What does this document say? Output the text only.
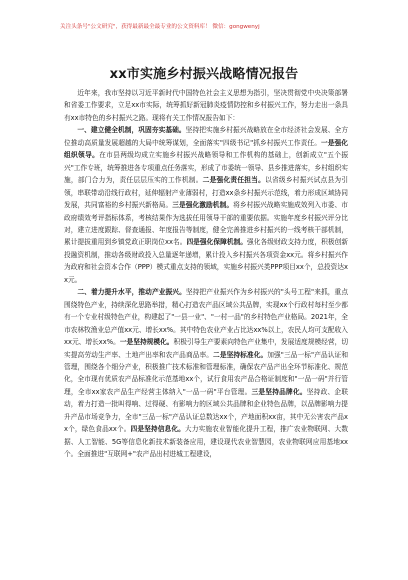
关注头条号"公文研究"，获得最新最全最专业的公文资料库！ 微信：gongwenyj
xx市实施乡村振兴战略情况报告

近年来，我市坚持以习近平新时代中国特色社会主义思想为指引，坚决贯彻党中央决策部署和省委工作要求，立足xx市实际，统筹抓好新冠肺炎疫情防控和乡村振兴工作，努力走出一条具有xx市特色的乡村振兴之路。现将有关工作情况报告如下：

一、建立健全机制，巩固夯实基础。坚持把实施乡村振兴战略放在全市经济社会发展、全方位推动高质量发展超越的大局中统筹谋划，全面落实"四级书记"抓乡村振兴工作责任。一是强化组织领导。在市县两级均成立实施乡村振兴战略领导和工作机构的基础上，创新成立"五个振兴"工作专班，统筹推进各专项重点任务落实，形成了市委统一领导、县乡推进落实，乡村组织实施，部门合力为，责任层层压实的工作机制。二是强化责任担当。以省级乡村振兴试点县为引领，串联带动沿线行政村，延伸辐射产业薄弱村，打造xx条乡村振兴示范线，着力形成区域协同发展，共同富裕的乡村振兴新格局。三是强化激励机制。将乡村振兴战略实施成效列入市委、市政府绩效考评指标体系，考核结果作为选拔任用领导干部的重要依据。实施年度乡村振兴评分比对，建立进度跟踪、督查通报、年度报告等制度，健全完善推进乡村振兴的一线考核干部机制，累计提拔重用到乡镇党政正职岗位xx名。四是强化保障机制。强化各级财政支持力度，积极创新投融资机制，推动各级财政投入总量逐年递增，累计投入乡村振兴各项资金xx元。将乡村振兴作为政府和社会资本合作（PPP）模式重点支持的领域，实施乡村振兴类PPP项目xx个，总投资达xx元。

二、着力提升水平，推动产业振兴。坚持把产业振兴作为乡村振兴的"头号工程"来抓，重点围绕特色产业，持续深化思路举措，精心打造农产品区域公共品牌，实现xx个行政村每村至少都有一个专业村级特色产业，构建起了"一县一业"、"一村一品"的乡村特色产业格局。2021年，全市农林牧渔业总产值xx元、增长xx%。其中特色农业产业占比达xx%以上，农民人均可支配收入xx元、增长xx%。一是坚持规模化。积极引导生产要素向特色产业集中，发展适度规模经营，切实提高劳动生产率、土地产出率和农产品商品率。二是坚持标准化。加强"三品一标"产品认证和管理，围绕各个细分产业，积极推广技术标准和管理标准，确保农产品产出全环节标准化、规范化，全市现有优质农产品标准化示范基地xx个，试行食用农产品合格证制度和"一品一码"并行管理，全市xx家农产品生产经营主体纳入"一品一码"平台管理。三是坚持品牌化。坚持政、企联动，着力打造一批叫得响、过得硬、有影响力的区域公共品牌和企业特色品牌，以品牌影响力提升产品市场竞争力，全市"三品一标"产品认证总数达xx个，产地面积xx亩，其中无公害农产品xx个，绿色食品xx个。四是坚持信息化。大力实施农业智能化提升工程，推广农业物联网、大数据、人工智能、5G等信息化新技术新装备应用，建设现代农业智慧园，农业物联网应用基地xx个。全面推进"互联网+"农产品出村进城工程建设，
